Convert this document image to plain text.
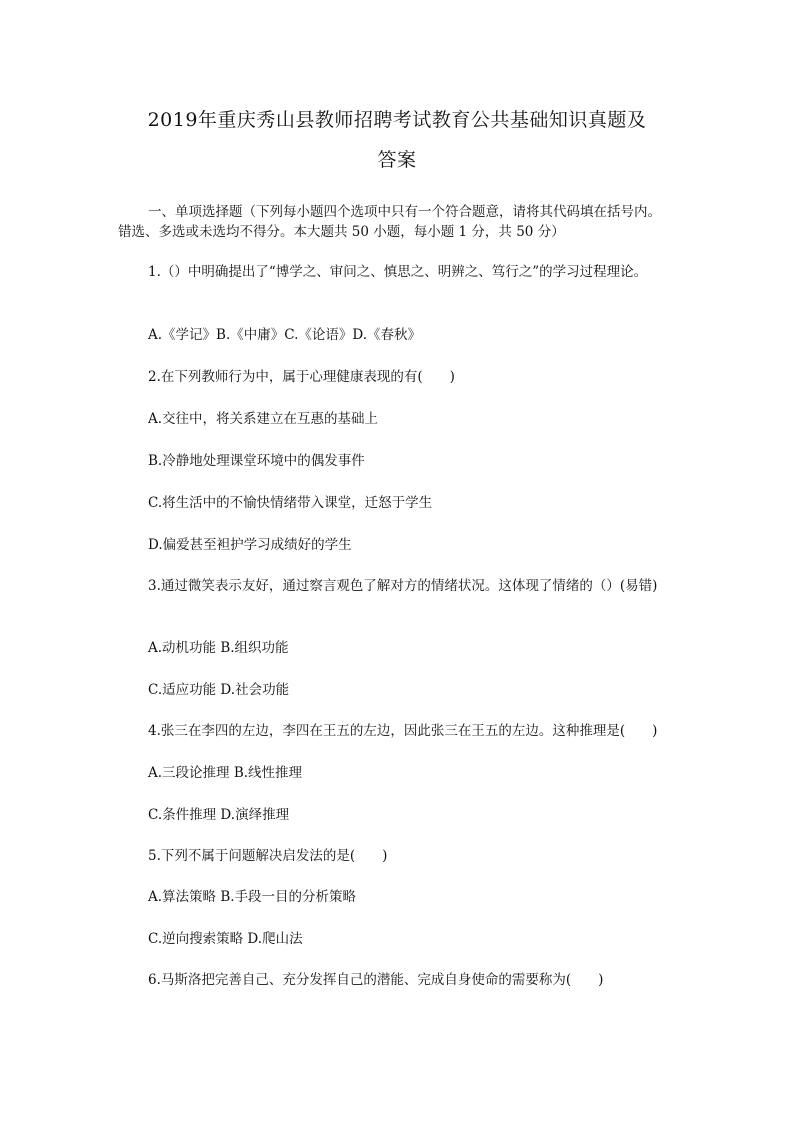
2019年重庆秀山县教师招聘考试教育公共基础知识真题及
答案

一、单项选择题（下列每小题四个选项中只有一个符合题意，请将其代码填在括号内。

错选、多选或未选均不得分。本大题共 50 小题，每小题 1 分，共 50 分）

1.（）中明确提出了“博学之、审问之、慎思之、明辨之、笃行之”的学习过程理论。

A.《学记》B.《中庸》C.《论语》D.《春秋》

2.在下列教师行为中，属于心理健康表现的有(　　)

A.交往中，将关系建立在互惠的基础上

B.冷静地处理课堂环境中的偶发事件

C.将生活中的不愉快情绪带入课堂，迁怒于学生

D.偏爱甚至袒护学习成绩好的学生

3.通过微笑表示友好，通过察言观色了解对方的情绪状况。这体现了情绪的（）(易错)

A.动机功能 B.组织功能

C.适应功能 D.社会功能

4.张三在李四的左边，李四在王五的左边，因此张三在王五的左边。这种推理是(　　)

A.三段论推理 B.线性推理

C.条件推理 D.演绎推理

5.下列不属于问题解决启发法的是(　　)

A.算法策略 B.手段一目的分析策略

C.逆向搜索策略 D.爬山法

6.马斯洛把完善自己、充分发挥自己的潜能、完成自身使命的需要称为(　　)
